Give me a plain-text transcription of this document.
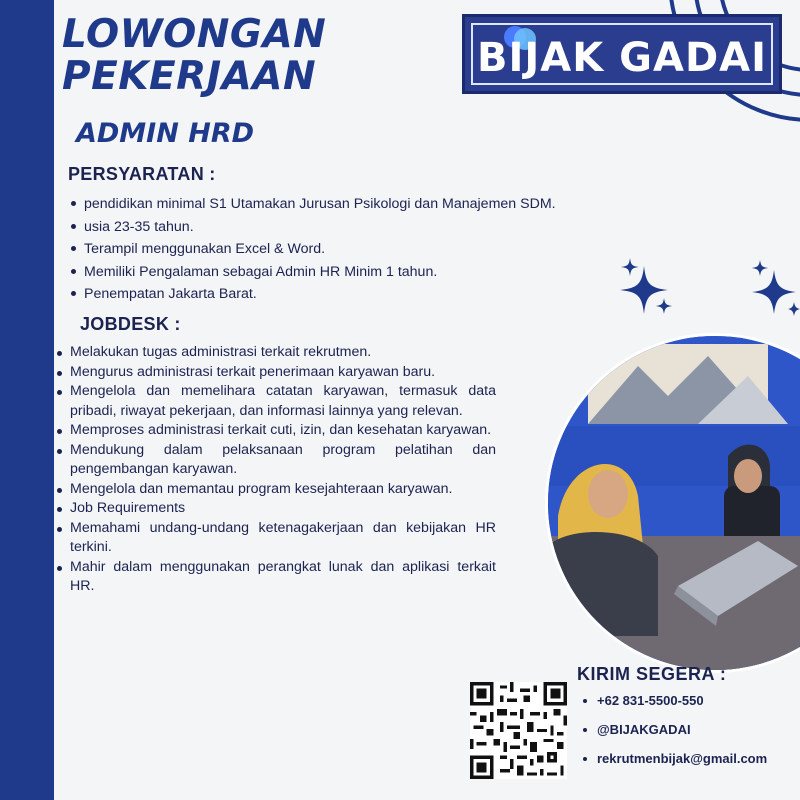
LOWONGAN
PEKERJAAN	BIJAK GADAI
ADMIN HRD
PERSYARATAN :
pendidikan minimal S1 Utamakan Jurusan Psikologi dan Manajemen SDM.
usia 23-35 tahun.
Terampil menggunakan Excel & Word.
Memiliki Pengalaman sebagai Admin HR Minim 1 tahun.
Penempatan Jakarta Barat.
JOBDESK :
Melakukan tugas administrasi terkait rekrutmen.
Mengurus administrasi terkait penerimaan karyawan baru.
Mengelola dan memelihara catatan karyawan, termasuk data pribadi, riwayat pekerjaan, dan informasi lainnya yang relevan.
Memproses administrasi terkait cuti, izin, dan kesehatan karyawan.
Mendukung dalam pelaksanaan program pelatihan dan pengembangan karyawan.
Mengelola dan memantau program kesejahteraan karyawan.
Job Requirements
Memahami undang-undang ketenagakerjaan dan kebijakan HR terkini.
Mahir dalam menggunakan perangkat lunak dan aplikasi terkait HR.
KIRIM SEGERA :
+62 831-5500-550
@BIJAKGADAI
rekrutmenbijak@gmail.com
